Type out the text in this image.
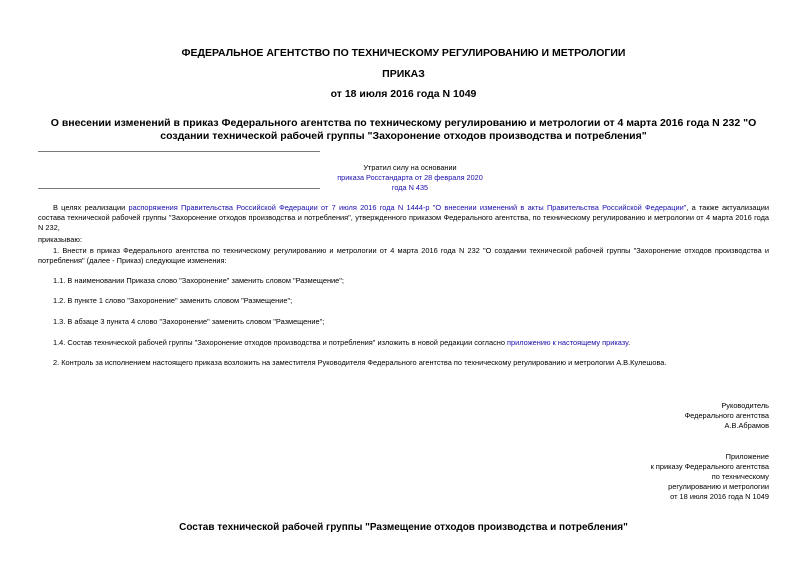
ФЕДЕРАЛЬНОЕ АГЕНТСТВО ПО ТЕХНИЧЕСКОМУ РЕГУЛИРОВАНИЮ И МЕТРОЛОГИИ
ПРИКАЗ
от 18 июля 2016 года N 1049
О внесении изменений в приказ Федерального агентства по техническому регулированию и метрологии от 4 марта 2016 года N 232 "О создании технической рабочей группы "Захоронение отходов производства и потребления"
Утратил силу на основании
приказа Росстандарта от 28 февраля 2020 года N 435
В целях реализации распоряжения Правительства Российской Федерации от 7 июля 2016 года N 1444-р "О внесении изменений в акты Правительства Российской Федерации", а также актуализации состава технической рабочей группы "Захоронение отходов производства и потребления", утвержденного приказом Федерального агентства, по техническому регулированию и метрологии от 4 марта 2016 года N 232,
приказываю:
1. Внести в приказ Федерального агентства по техническому регулированию и метрологии от 4 марта 2016 года N 232 "О создании технической рабочей группы "Захоронение отходов производства и потребления" (далее - Приказ) следующие изменения:
1.1. В наименовании Приказа слово "Захоронение" заменить словом "Размещение";
1.2. В пункте 1 слово "Захоронение" заменить словом "Размещение";
1.3. В абзаце 3 пункта 4 слово "Захоронение" заменить словом "Размещение";
1.4. Состав технической рабочей группы "Захоронение отходов производства и потребления" изложить в новой редакции согласно приложению к настоящему приказу.
2. Контроль за исполнением настоящего приказа возложить на заместителя Руководителя Федерального агентства по техническому регулированию и метрологии А.В.Кулешова.
Руководитель
Федерального агентства
А.В.Абрамов
Приложение
к приказу Федерального агентства
по техническому
регулированию и метрологии
от 18 июля 2016 года N 1049
Состав технической рабочей группы "Размещение отходов производства и потребления"
